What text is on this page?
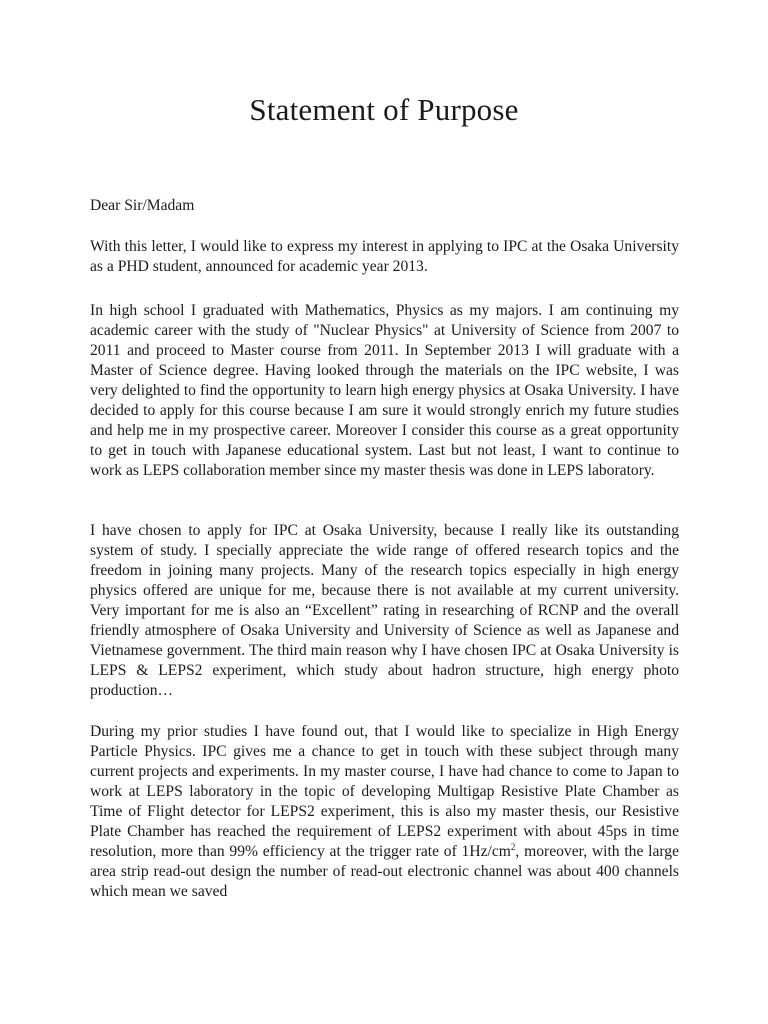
Statement of Purpose

Dear Sir/Madam

With this letter, I would like to express my interest in applying to IPC at the Osaka University as a PHD student, announced for academic year 2013.

In high school I graduated with Mathematics, Physics as my majors. I am continuing my academic career with the study of "Nuclear Physics" at University of Science from 2007 to 2011 and proceed to Master course from 2011. In September 2013 I will graduate with a Master of Science degree. Having looked through the materials on the IPC website, I was very delighted to find the opportunity to learn high energy physics at Osaka University. I have decided to apply for this course because I am sure it would strongly enrich my future studies and help me in my prospective career. Moreover I consider this course as a great opportunity to get in touch with Japanese educational system. Last but not least, I want to continue to work as LEPS collaboration member since my master thesis was done in LEPS laboratory.

I have chosen to apply for IPC at Osaka University, because I really like its outstanding system of study. I specially appreciate the wide range of offered research topics and the freedom in joining many projects. Many of the research topics especially in high energy physics offered are unique for me, because there is not available at my current university. Very important for me is also an “Excellent” rating in researching of RCNP and the overall friendly atmosphere of Osaka University and University of Science as well as Japanese and Vietnamese government. The third main reason why I have chosen IPC at Osaka University is LEPS & LEPS2 experiment, which study about hadron structure, high energy photo production…

During my prior studies I have found out, that I would like to specialize in High Energy Particle Physics. IPC gives me a chance to get in touch with these subject through many current projects and experiments. In my master course, I have had chance to come to Japan to work at LEPS laboratory in the topic of developing Multigap Resistive Plate Chamber as Time of Flight detector for LEPS2 experiment, this is also my master thesis, our Resistive Plate Chamber has reached the requirement of LEPS2 experiment with about 45ps in time resolution, more than 99% efficiency at the trigger rate of $1Hz/cm^2$, moreover, with the large area strip read-out design the number of read-out electronic channel was about 400 channels which mean we saved
